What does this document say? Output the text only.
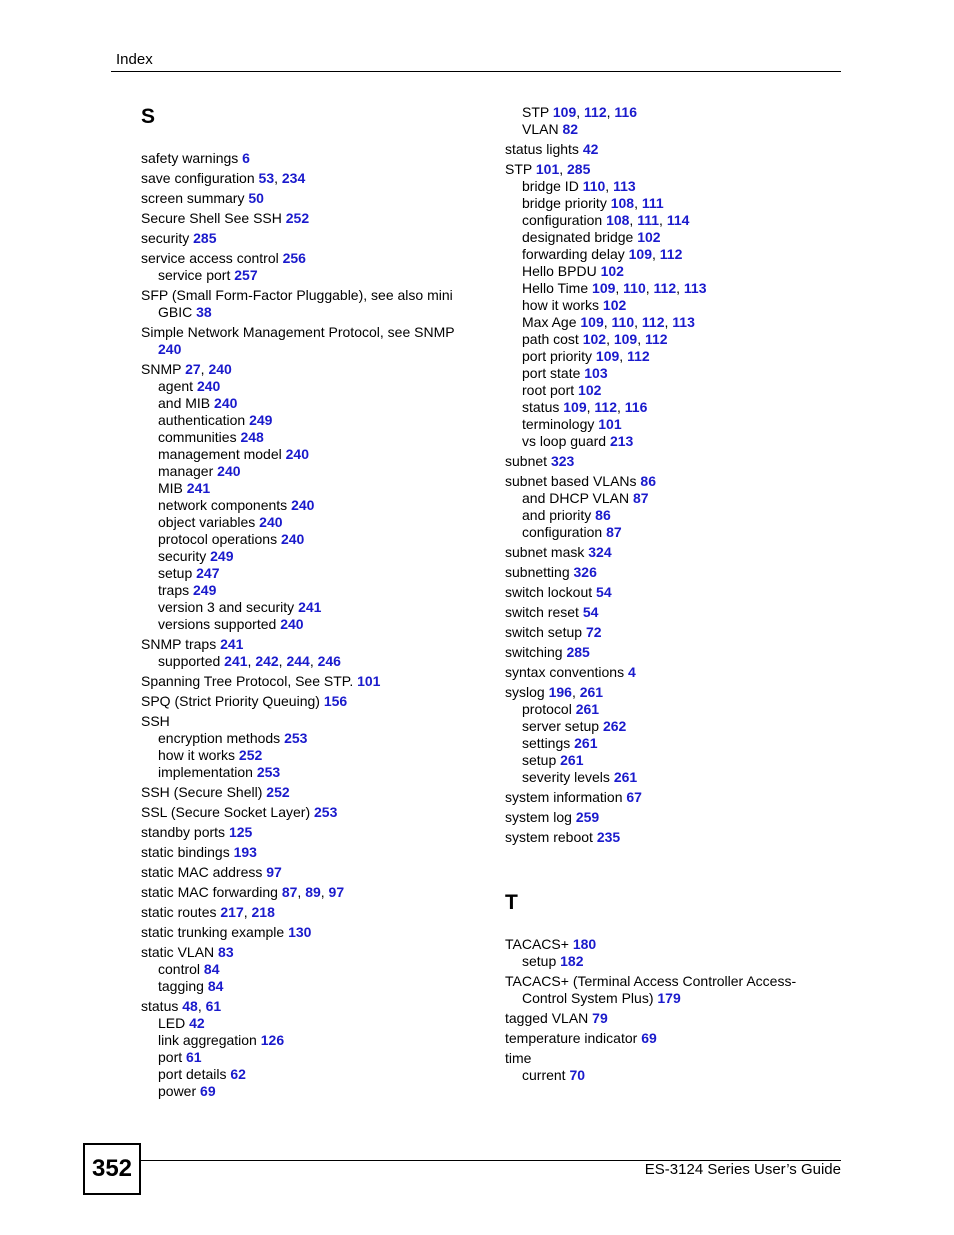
Index
S
safety warnings 6
save configuration 53, 234
screen summary 50
Secure Shell See SSH 252
security 285
service access control 256
service port 257
SFP (Small Form-Factor Pluggable), see also mini
GBIC 38
Simple Network Management Protocol, see SNMP
240
SNMP 27, 240
agent 240
and MIB 240
authentication 249
communities 248
management model 240
manager 240
MIB 241
network components 240
object variables 240
protocol operations 240
security 249
setup 247
traps 249
version 3 and security 241
versions supported 240
SNMP traps 241
supported 241, 242, 244, 246
Spanning Tree Protocol, See STP. 101
SPQ (Strict Priority Queuing) 156
SSH
encryption methods 253
how it works 252
implementation 253
SSH (Secure Shell) 252
SSL (Secure Socket Layer) 253
standby ports 125
static bindings 193
static MAC address 97
static MAC forwarding 87, 89, 97
static routes 217, 218
static trunking example 130
static VLAN 83
control 84
tagging 84
status 48, 61
LED 42
link aggregation 126
port 61
port details 62
power 69
STP 109, 112, 116
VLAN 82
status lights 42
STP 101, 285
bridge ID 110, 113
bridge priority 108, 111
configuration 108, 111, 114
designated bridge 102
forwarding delay 109, 112
Hello BPDU 102
Hello Time 109, 110, 112, 113
how it works 102
Max Age 109, 110, 112, 113
path cost 102, 109, 112
port priority 109, 112
port state 103
root port 102
status 109, 112, 116
terminology 101
vs loop guard 213
subnet 323
subnet based VLANs 86
and DHCP VLAN 87
and priority 86
configuration 87
subnet mask 324
subnetting 326
switch lockout 54
switch reset 54
switch setup 72
switching 285
syntax conventions 4
syslog 196, 261
protocol 261
server setup 262
settings 261
setup 261
severity levels 261
system information 67
system log 259
system reboot 235
T
TACACS+ 180
setup 182
TACACS+ (Terminal Access Controller Access-
Control System Plus) 179
tagged VLAN 79
temperature indicator 69
time
current 70
352	ES-3124 Series User’s Guide
